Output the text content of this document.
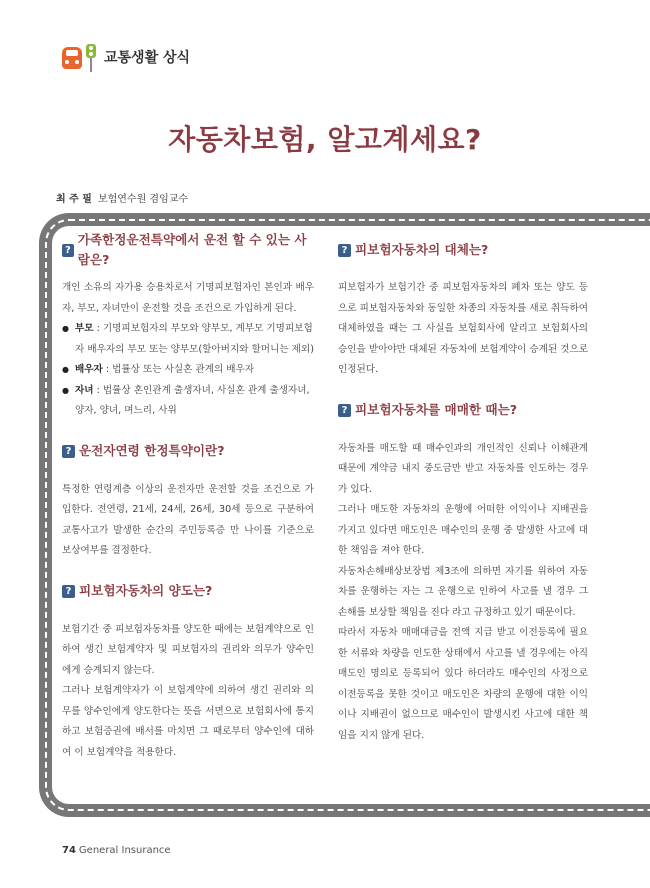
교통생활 상식
자동차보험, 알고계세요?
최 주 필 보험연수원 겸임교수
?
가족한정운전특약에서 운전 할 수 있는 사람은?

개인 소유의 자가용 승용차로서 기명피보험자인 본인과 배우자, 부모, 자녀만이 운전할 것을 조건으로 가입하게 된다.

● 부모 : 기명피보험자의 부모와 양부모, 계부모 기명피보험자 배우자의 부모 또는 양부모(할아버지와 할머니는 제외)
● 배우자 : 법률상 또는 사실혼 관계의 배우자
● 자녀 : 법률상 혼인관계 출생자녀, 사실혼 관계 출생자녀, 양자, 양녀, 며느리, 사위
? 운전자연령 한정특약이란?

특정한 연령계층 이상의 운전자만 운전할 것을 조건으로 가입한다. 전연령, 21세, 24세, 26세, 30세 등으로 구분하여 교통사고가 발생한 순간의 주민등록증 만 나이를 기준으로 보상여부를 결정한다.

? 피보험자동차의 양도는?

보험기간 중 피보험자동차를 양도한 때에는 보험계약으로 인하여 생긴 보험계약자 및 피보험자의 권리와 의무가 양수인에게 승계되지 않는다.

그러나 보험계약자가 이 보험계약에 의하여 생긴 권리와 의무를 양수인에게 양도한다는 뜻을 서면으로 보험회사에 통지하고 보험증권에 배서를 마치면 그 때로부터 양수인에 대하여 이 보험계약을 적용한다.

? 피보험자동차의 대체는?

피보험자가 보험기간 중 피보험자동차의 폐차 또는 양도 등으로 피보험자동차와 동일한 차종의 자동차를 새로 취득하여 대체하였을 때는 그 사실을 보험회사에 알리고 보험회사의 승인을 받아야만 대체된 자동차에 보험계약이 승계된 것으로 인정된다.

? 피보험자동차를 매매한 때는?

자동차를 매도할 때 매수인과의 개인적인 신뢰나 이해관계 때문에 계약금 내지 중도금만 받고 자동차를 인도하는 경우가 있다.

그러나 매도한 자동차의 운행에 어떠한 이익이나 지배권을 가지고 있다면 매도인은 매수인의 운행 중 발생한 사고에 대한 책임을 져야 한다.

자동차손해배상보장법 제3조에 의하면 자기를 위하여 자동차를 운행하는 자는 그 운행으로 인하여 사고를 낼 경우 그 손해를 보상할 책임을 진다 라고 규정하고 있기 때문이다.

따라서 자동차 매매대금을 전액 지급 받고 이전등록에 필요한 서류와 차량을 인도한 상태에서 사고를 낼 경우에는 아직 매도인 명의로 등록되어 있다 하더라도 매수인의 사정으로 이전등록을 못한 것이고 매도인은 차량의 운행에 대한 이익이나 지배권이 없으므로 매수인이 발생시킨 사고에 대한 책임을 지지 않게 된다.

74 General Insurance
